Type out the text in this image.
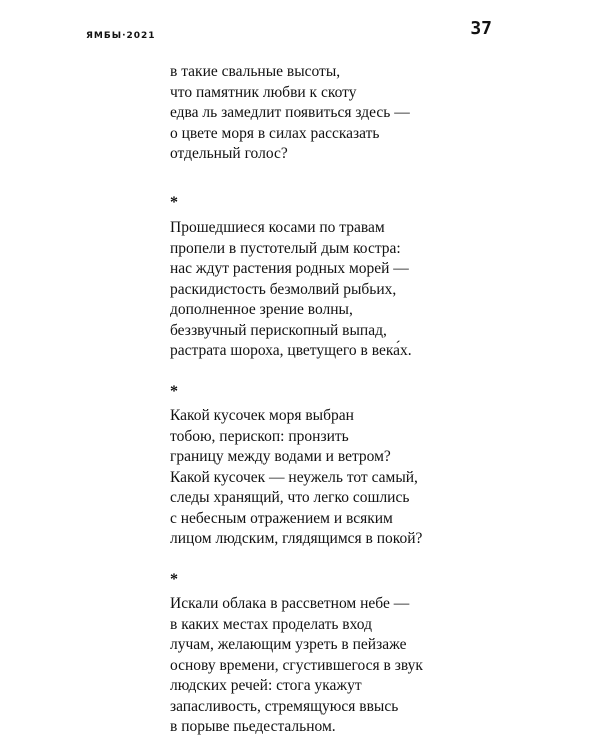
ЯМБЫ·2021	37
в такие свальные высоты,
что памятник любви к скоту
едва ль замедлит появиться здесь —
о цвете моря в силах рассказать
отдельный голос?
*
Прошедшиеся косами по травам
пропели в пустотелый дым костра:
нас ждут растения родных морей —
раскидистость безмолвий рыбьих,
дополненное зрение волны,
беззвучный перископный выпад,
растрата шороха, цветущего в века́х.
*
Какой кусочек моря выбран
тобою, перископ: пронзить
границу между водами и ветром?
Какой кусочек — неужель тот самый,
следы хранящий, что легко сошлись
с небесным отражением и всяким
лицом людским, глядящимся в покой?
*
Искали облака в рассветном небе —
в каких местах проделать вход
лучам, желающим узреть в пейзаже
основу времени, сгустившегося в звук
людских речей: стога укажут
запасливость, стремящуюся ввысь
в порыве пьедестальном.
